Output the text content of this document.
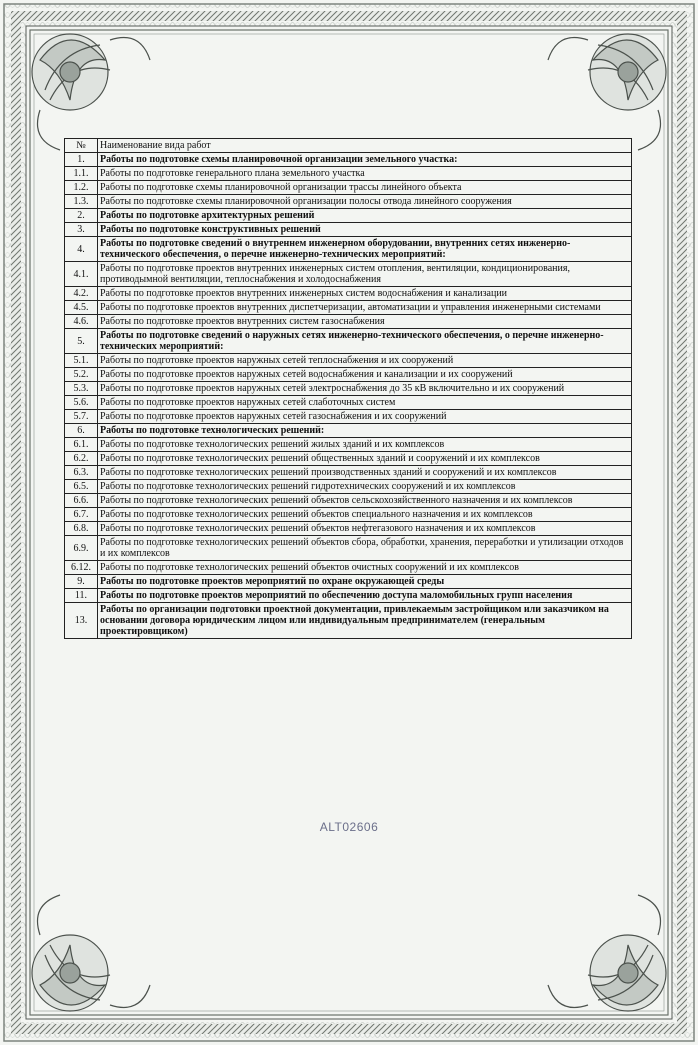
№	Наименование вида работ
1.	Работы по подготовке схемы планировочной организации земельного участка:
1.1.	Работы по подготовке генерального плана земельного участка
1.2.	Работы по подготовке схемы планировочной организации трассы линейного объекта
1.3.	Работы по подготовке схемы планировочной организации полосы отвода линейного сооружения
2.	Работы по подготовке архитектурных решений
3.	Работы по подготовке конструктивных решений
4.	Работы по подготовке сведений о внутреннем инженерном оборудовании, внутренних сетях инженерно-технического обеспечения, о перечне инженерно-технических мероприятий:
4.1.	Работы по подготовке проектов внутренних инженерных систем отопления, вентиляции, кондиционирования, противодымной вентиляции, теплоснабжения и холодоснабжения
4.2.	Работы по подготовке проектов внутренних инженерных систем водоснабжения и канализации
4.5.	Работы по подготовке проектов внутренних диспетчеризации, автоматизации и управления инженерными системами
4.6.	Работы по подготовке проектов внутренних систем газоснабжения
5.	Работы по подготовке сведений о наружных сетях инженерно-технического обеспечения, о перечне инженерно-технических мероприятий:
5.1.	Работы по подготовке проектов наружных сетей теплоснабжения и их сооружений
5.2.	Работы по подготовке проектов наружных сетей водоснабжения и канализации и их сооружений
5.3.	Работы по подготовке проектов наружных сетей электроснабжения до 35 кВ включительно и их сооружений
5.6.	Работы по подготовке проектов наружных сетей слаботочных систем
5.7.	Работы по подготовке проектов наружных сетей газоснабжения и их сооружений
6.	Работы по подготовке технологических решений:
6.1.	Работы по подготовке технологических решений жилых зданий и их комплексов
6.2.	Работы по подготовке технологических решений общественных зданий и сооружений и их комплексов
6.3.	Работы по подготовке технологических решений производственных зданий и сооружений и их комплексов
6.5.	Работы по подготовке технологических решений гидротехнических сооружений и их комплексов
6.6.	Работы по подготовке технологических решений объектов сельскохозяйственного назначения и их комплексов
6.7.	Работы по подготовке технологических решений объектов специального назначения и их комплексов
6.8.	Работы по подготовке технологических решений объектов нефтегазового назначения и их комплексов
6.9.	Работы по подготовке технологических решений объектов сбора, обработки, хранения, переработки и утилизации отходов и их комплексов
6.12.	Работы по подготовке технологических решений объектов очистных сооружений и их комплексов
9.	Работы по подготовке проектов мероприятий по охране окружающей среды
11.	Работы по подготовке проектов мероприятий по обеспечению доступа маломобильных групп населения
13.	Работы по организации подготовки проектной документации, привлекаемым застройщиком или заказчиком на основании договора юридическим лицом или индивидуальным предпринимателем (генеральным проектировщиком)
ALT02606
